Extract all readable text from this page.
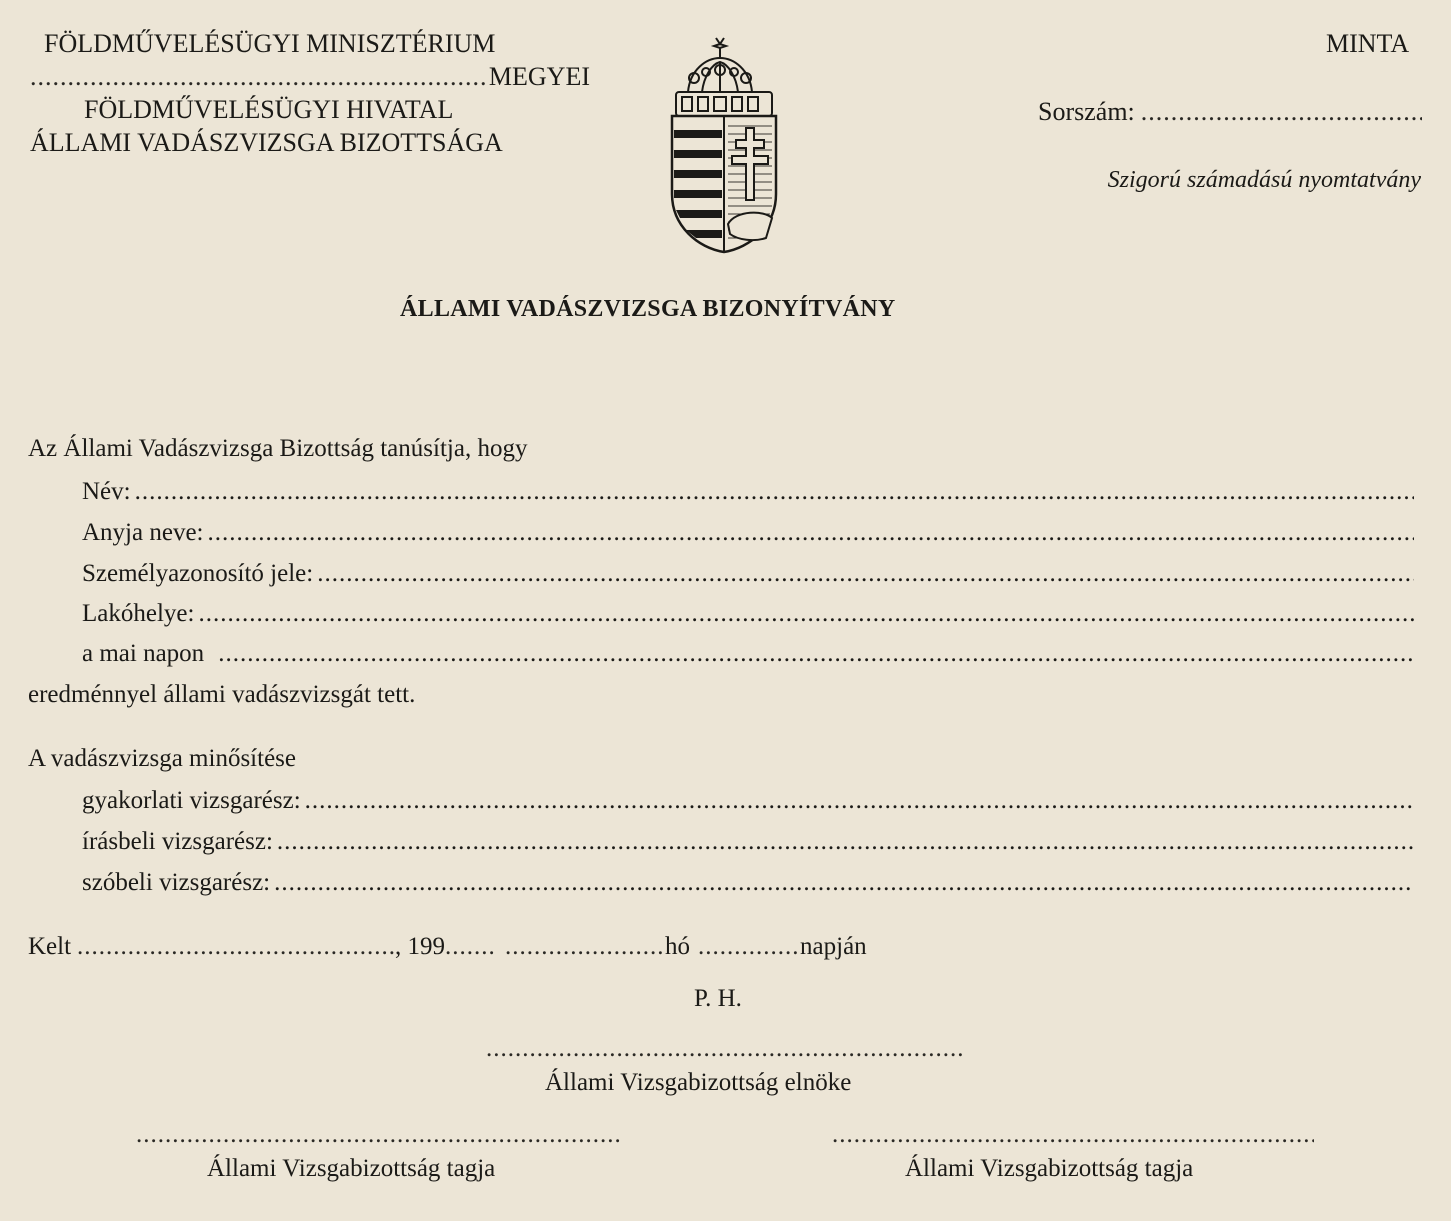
FÖLDMŰVELÉSÜGYI MINISZTÉRIUM
.....
MEGYEI
FÖLDMŰVELÉSÜGYI HIVATAL
ÁLLAMI VADÁSZVIZSGA BIZOTTSÁGA
MINTA
Sorszám:
.....
Szigorú számadású nyomtatvány
ÁLLAMI VADÁSZVIZSGA BIZONYÍTVÁNY
Az Állami Vadászvizsga Bizottság tanúsítja, hogy
Név:
.....
Anyja neve:
.....
Személyazonosító jele:
.....
Lakóhelye:
.....
a mai napon
.....
eredménnyel állami vadászvizsgát tett.
A vadászvizsga minősítése
gyakorlati vizsgarész:
.....
írásbeli vizsgarész:
.....
szóbeli vizsgarész:
.....
Kelt .....	, 199 ..... .....	hó .....	napján
P. H.
.....
Állami Vizsgabizottság elnöke
.....
Állami Vizsgabizottság tagja
.....	Állami Vizsgabizottság tagja
